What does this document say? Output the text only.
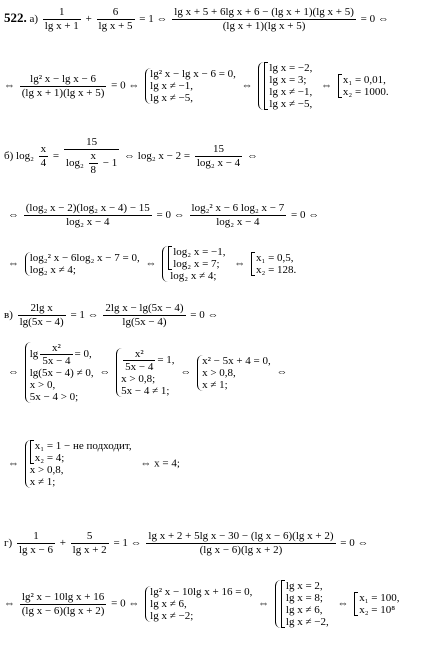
522. $а) \frac{1}{\text{lg x + 1}} + \frac{6}{\text{lg x + 5}} = 1$ ⇔ $\frac{\text{lg x + 5 + 6lg x + 6 − (lg x + 1)(lg x + 5)}}{\text{(lg x + 1)(lg x + 5)}} = 0$ ⇔
⇔ $\frac{\text{lg² x − lg x − 6}}{\text{(lg x + 1)(lg x + 5)}} = 0$ ⇔
lg² x − lg x − 6 = 0,
lg x ≠ −1,
lg x ≠ −5,
⇔
lg x = −2,
lg x = 3;
lg x ≠ −1,
lg x ≠ −5,
⇔ x₁ = 0,01,
x₂ = 1000.
б) $\log_2 \frac{x}{4} = \frac{15}{\log_2 \frac{x}{8} - 1}$ ⇔ log₂ $x - 2 = \frac{15}{\text{log₂ x − 4}}$ ⇔
⇔ $\frac{\text{(log₂ x − 2)(log₂ x − 4) − 15}}{\text{log₂ x − 4}} = 0$ ⇔ $\frac{\text{log₂² x − 6 log₂ x − 7}}{\text{log₂ x − 4}} = 0$ ⇔
⇔ log₂² x − 6log₂ x − 7 = 0,
log₂ x ≠ 4;
⇔
log₂ x = −1,
log₂ x = 7;
log₂ x ≠ 4;
⇔ x₁ = 0,5,
x₂ = 128.
$в) \frac{\text{2lg x}}{\lg(5x - 4)} = 1$ ⇔ $\frac{\text{2lg x − lg(5x − 4)}}{\lg(5x - 4)} = 0$ ⇔
⇔
$\lg \frac{\text{x²}}{5x - 4} = 0$,
lg(5x − 4) ≠ 0,
x > 0,
5x − 4 > 0;
⇔ $\frac{\text{x²}}{5x - 4} = 1$,
x > 0,8;
5x − 4 ≠ 1;
⇔
x² − 5x + 4 = 0,
x > 0,8,
x ≠ 1;
⇔
⇔
x₁ = 1 − не подходит,
x₂ = 4;
x > 0,8,
x ≠ 1;
⇔ x = 4;
$г) \frac{1}{\text{lg x − 6}} + \frac{5}{\text{lg x + 2}} = 1$ ⇔ $\frac{\text{lg x + 2 + 5lg x − 30 − (lg x − 6)(lg x + 2)}}{\text{(lg x − 6)(lg x + 2)}} = 0$ ⇔
⇔ $\frac{\text{lg² x − 10lg x + 16}}{\text{(lg x − 6)(lg x + 2)}} = 0$ ⇔
lg² x − 10lg x + 16 = 0,
lg x ≠ 6,
lg x ≠ −2;
⇔
lg x = 2,
lg x = 8;
lg x ≠ 6,
lg x ≠ −2,
⇔ x₁ = 100,
x₂ = 10⁸
